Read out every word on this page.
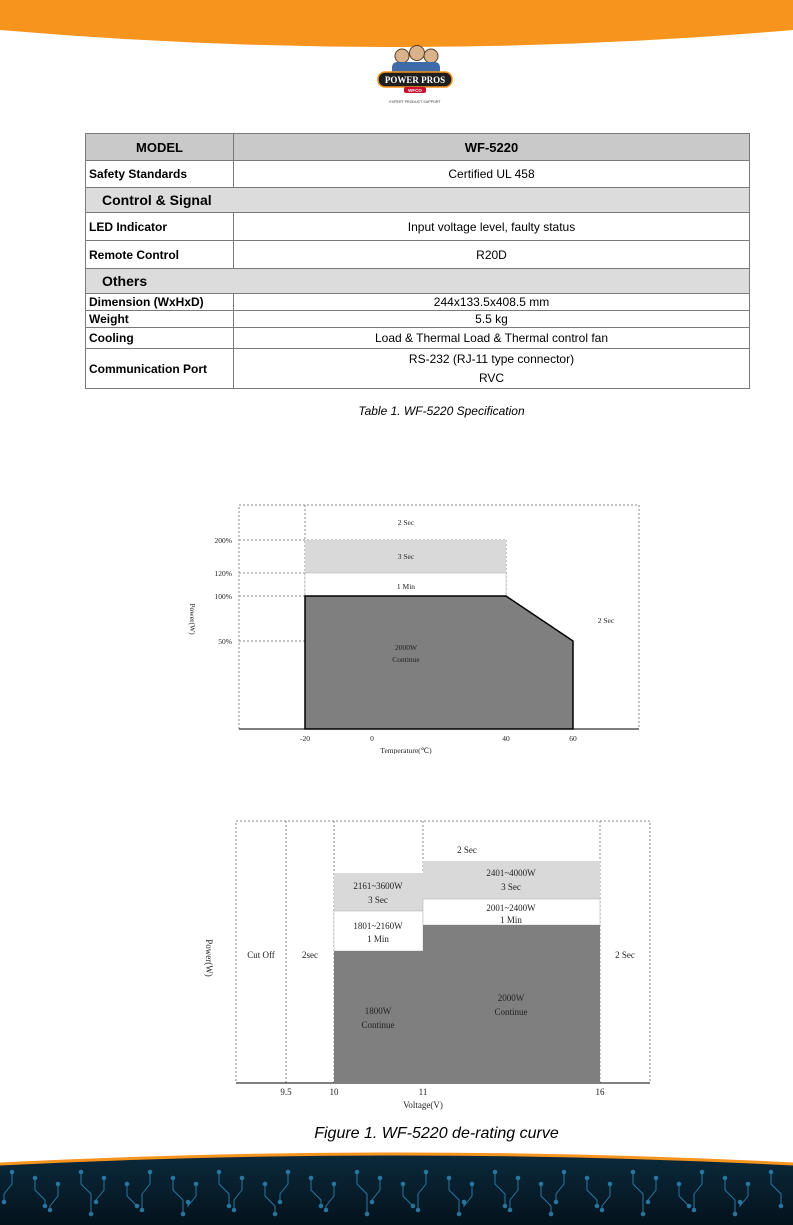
POWER PROS
WFCO
EXPERT PRODUCT SUPPORT
MODEL	WF-5220
Safety Standards	Certified UL 458
Control & Signal	
LED Indicator	Input voltage level, faulty status
Remote Control	R20D
Others	
Dimension (WxHxD)	244x133.5x408.5 mm
Weight	5.5 kg
Cooling	Load & Thermal Load & Thermal control fan
Communication Port	RS-232 (RJ-11 type connector)
RVC
Table 1. WF-5220 Specification
2 Sec
3 Sec
1 Min
2000W
Continue
2 Sec
-20	0	40	60
200%
120%
100%
50%
Temperature(℃)
Power(W)
Cut Off	2sec
2 Sec
2161~3600W
3 Sec
1801~2160W
1 Min
1800W
Continue
2401~4000W
3 Sec
2001~2400W
1 Min
2000W
Continue
2 Sec
9.5	10	11	16
Voltage(V)
Power(W)
Figure 1. WF-5220 de-rating curve
